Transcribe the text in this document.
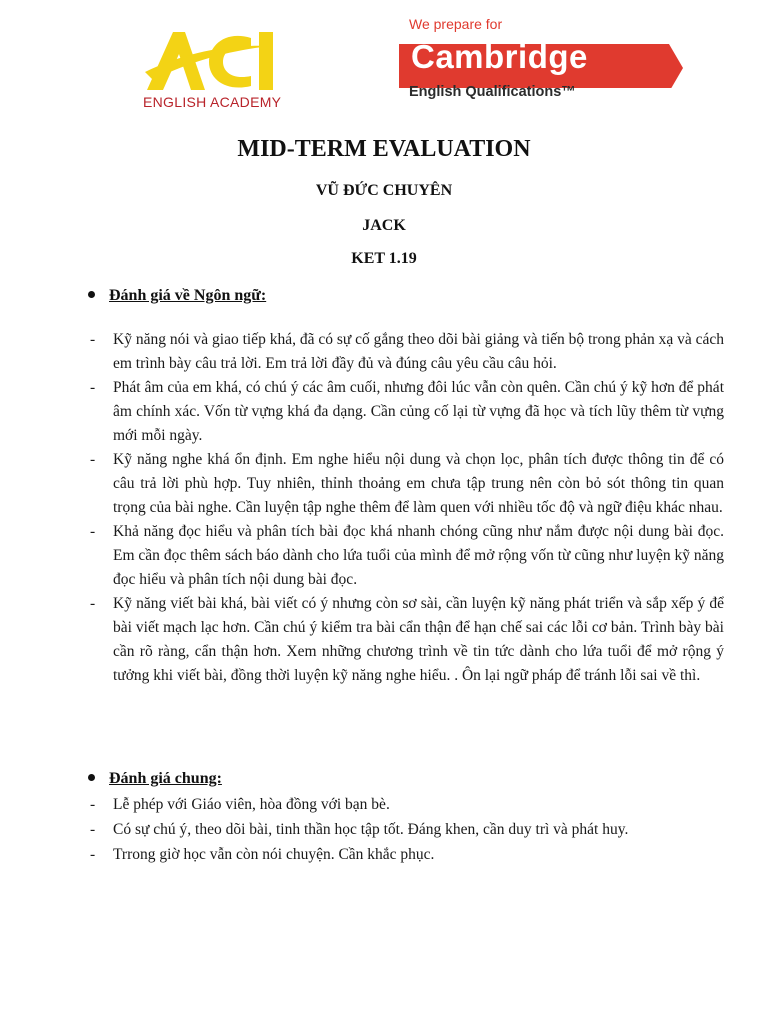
ACI
ENGLISH ACADEMY
We prepare for
Cambridge
English Qualifications™
MID-TERM EVALUATION
VŨ ĐỨC CHUYÊN
JACK
KET 1.19
Đánh giá về Ngôn ngữ:
- Kỹ năng nói và giao tiếp khá, đã có sự cố gắng theo dõi bài giảng và tiến bộ trong phản xạ và cách em trình bày câu trả lời. Em trả lời đầy đủ và đúng câu yêu cầu câu hỏi.
- Phát âm của em khá, có chú ý các âm cuối, nhưng đôi lúc vẫn còn quên. Cần chú ý kỹ hơn để phát âm chính xác. Vốn từ vựng khá đa dạng. Cần củng cố lại từ vựng đã học và tích lũy thêm từ vựng mới mỗi ngày.
- Kỹ năng nghe khá ổn định. Em nghe hiểu nội dung và chọn lọc, phân tích được thông tin để có câu trả lời phù hợp. Tuy nhiên, thỉnh thoảng em chưa tập trung nên còn bỏ sót thông tin quan trọng của bài nghe. Cần luyện tập nghe thêm để làm quen với nhiều tốc độ và ngữ điệu khác nhau.
- Khả năng đọc hiểu và phân tích bài đọc khá nhanh chóng cũng như nắm được nội dung bài đọc. Em cần đọc thêm sách báo dành cho lứa tuổi của mình để mở rộng vốn từ cũng như luyện kỹ năng đọc hiểu và phân tích nội dung bài đọc.
- Kỹ năng viết bài khá, bài viết có ý nhưng còn sơ sài, cần luyện kỹ năng phát triển và sắp xếp ý để bài viết mạch lạc hơn. Cần chú ý kiểm tra bài cẩn thận để hạn chế sai các lỗi cơ bản. Trình bày bài cần rõ ràng, cẩn thận hơn. Xem những chương trình về tin tức dành cho lứa tuổi để mở rộng ý tưởng khi viết bài, đồng thời luyện kỹ năng nghe hiểu. . Ôn lại ngữ pháp để tránh lỗi sai về thì.
Đánh giá chung:
- Lễ phép với Giáo viên, hòa đồng với bạn bè.
- Có sự chú ý, theo dõi bài, tinh thần học tập tốt. Đáng khen, cần duy trì và phát huy.
- Trrong giờ học vẫn còn nói chuyện. Cần khắc phục.
